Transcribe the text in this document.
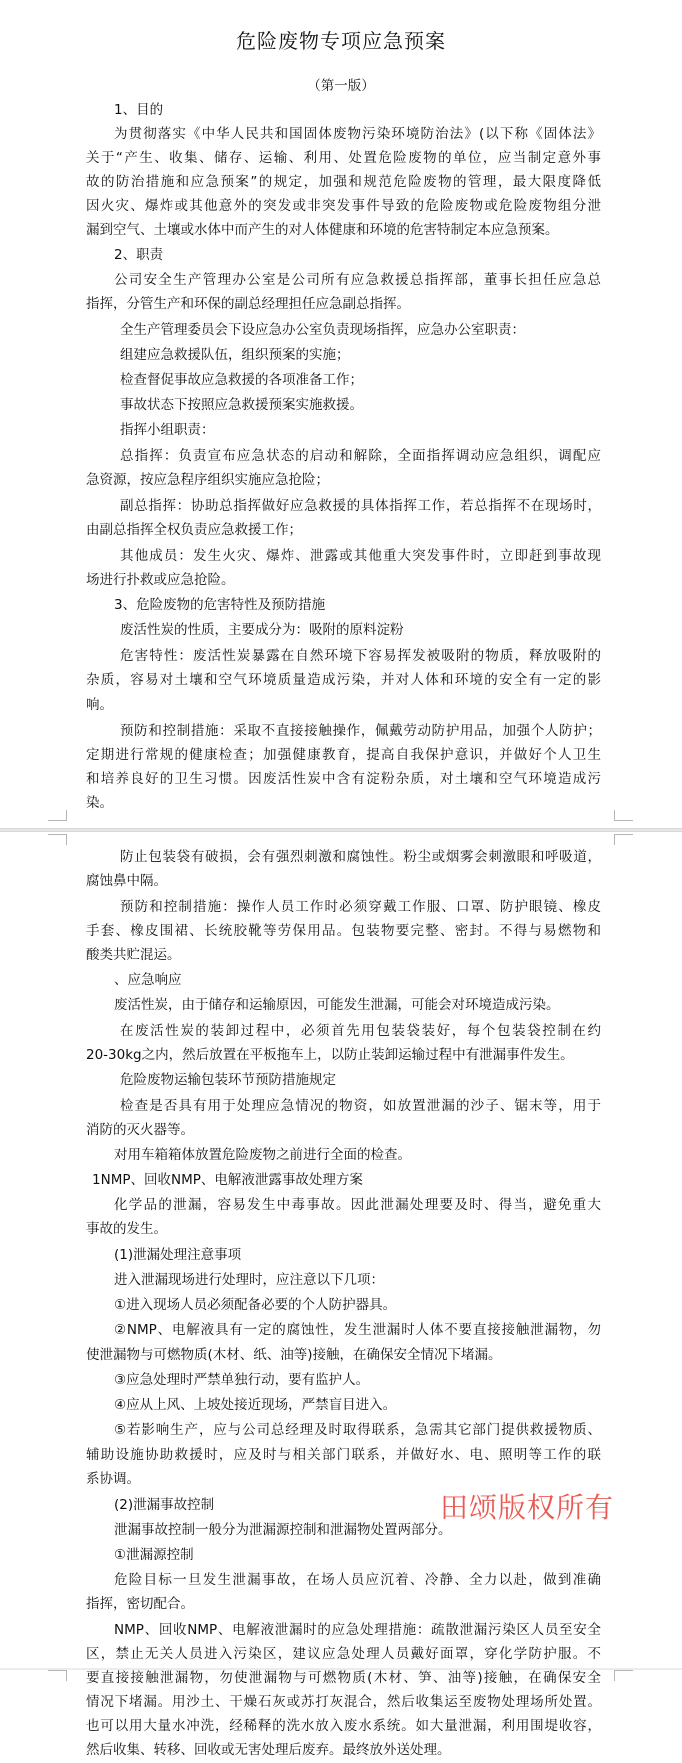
危险废物专项应急预案
（第一版）
1、目的
为贯彻落实《中华人民共和国固体废物污染环境防治法》(以下称《固体法》
关于“产生、收集、储存、运输、利用、处置危险废物的单位，应当制定意外事
故的防治措施和应急预案”的规定，加强和规范危险废物的管理，最大限度降低
因火灾、爆炸或其他意外的突发或非突发事件导致的危险废物或危险废物组分泄
漏到空气、土壤或水体中而产生的对人体健康和环境的危害特制定本应急预案。
2、职责
公司安全生产管理办公室是公司所有应急救援总指挥部，董事长担任应急总
指挥，分管生产和环保的副总经理担任应急副总指挥。
全生产管理委员会下设应急办公室负责现场指挥，应急办公室职责：
组建应急救援队伍，组织预案的实施；
检查督促事故应急救援的各项准备工作；
事故状态下按照应急救援预案实施救援。
指挥小组职责：
总指挥：负责宣布应急状态的启动和解除，全面指挥调动应急组织，调配应
急资源，按应急程序组织实施应急抢险；
副总指挥：协助总指挥做好应急救援的具体指挥工作，若总指挥不在现场时，
由副总指挥全权负责应急救援工作；
其他成员：发生火灾、爆炸、泄露或其他重大突发事件时，立即赶到事故现
场进行扑救或应急抢险。
3、危险废物的危害特性及预防措施
废活性炭的性质，主要成分为：吸附的原料淀粉
危害特性：废活性炭暴露在自然环境下容易挥发被吸附的物质，释放吸附的
杂质，容易对土壤和空气环境质量造成污染，并对人体和环境的安全有一定的影
响。
预防和控制措施：采取不直接接触操作，佩戴劳动防护用品，加强个人防护；
定期进行常规的健康检查；加强健康教育，提高自我保护意识，并做好个人卫生
和培养良好的卫生习惯。因废活性炭中含有淀粉杂质，对土壤和空气环境造成污
染。
防止包装袋有破损，会有强烈刺激和腐蚀性。粉尘或烟雾会刺激眼和呼吸道，
腐蚀鼻中隔。
预防和控制措施：操作人员工作时必须穿戴工作服、口罩、防护眼镜、橡皮
手套、橡皮围裙、长统胶靴等劳保用品。包装物要完整、密封。不得与易燃物和
酸类共贮混运。
、应急响应
废活性炭，由于储存和运输原因，可能发生泄漏，可能会对环境造成污染。
在废活性炭的装卸过程中，必须首先用包装袋装好，每个包装袋控制在约
20-30kg之内，然后放置在平板拖车上，以防止装卸运输过程中有泄漏事件发生。
危险废物运输包装环节预防措施规定
检查是否具有用于处理应急情况的物资，如放置泄漏的沙子、锯末等，用于
消防的灭火器等。
对用车箱箱体放置危险废物之前进行全面的检查。
1NMP、回收NMP、电解液泄露事故处理方案
化学品的泄漏，容易发生中毒事故。因此泄漏处理要及时、得当，避免重大
事故的发生。
(1)泄漏处理注意事项
进入泄漏现场进行处理时，应注意以下几项：
①进入现场人员必须配备必要的个人防护器具。
②NMP、电解液具有一定的腐蚀性，发生泄漏时人体不要直接接触泄漏物，勿
使泄漏物与可燃物质(木材、纸、油等)接触，在确保安全情况下堵漏。
③应急处理时严禁单独行动，要有监护人。
④应从上风、上坡处接近现场，严禁盲目进入。
⑤若影响生产，应与公司总经理及时取得联系，急需其它部门提供救援物质、
辅助设施协助救援时，应及时与相关部门联系，并做好水、电、照明等工作的联
系协调。
(2)泄漏事故控制
泄漏事故控制一般分为泄漏源控制和泄漏物处置两部分。
①泄漏源控制
危险目标一旦发生泄漏事故，在场人员应沉着、冷静、全力以赴，做到准确
指挥，密切配合。
NMP、回收NMP、电解液泄漏时的应急处理措施：疏散泄漏污染区人员至安全
区，禁止无关人员进入污染区，建议应急处理人员戴好面罩，穿化学防护服。不
要直接接触泄漏物，勿使泄漏物与可燃物质(木材、笋、油等)接触，在确保安全
情况下堵漏。用沙土、干燥石灰或苏打灰混合，然后收集运至废物处理场所处置。
也可以用大量水冲洗，经稀释的洗水放入废水系统。如大量泄漏，利用围堤收容，
然后收集、转移、回收或无害处理后废弃。最终放外送处理。
田颂版权所有
